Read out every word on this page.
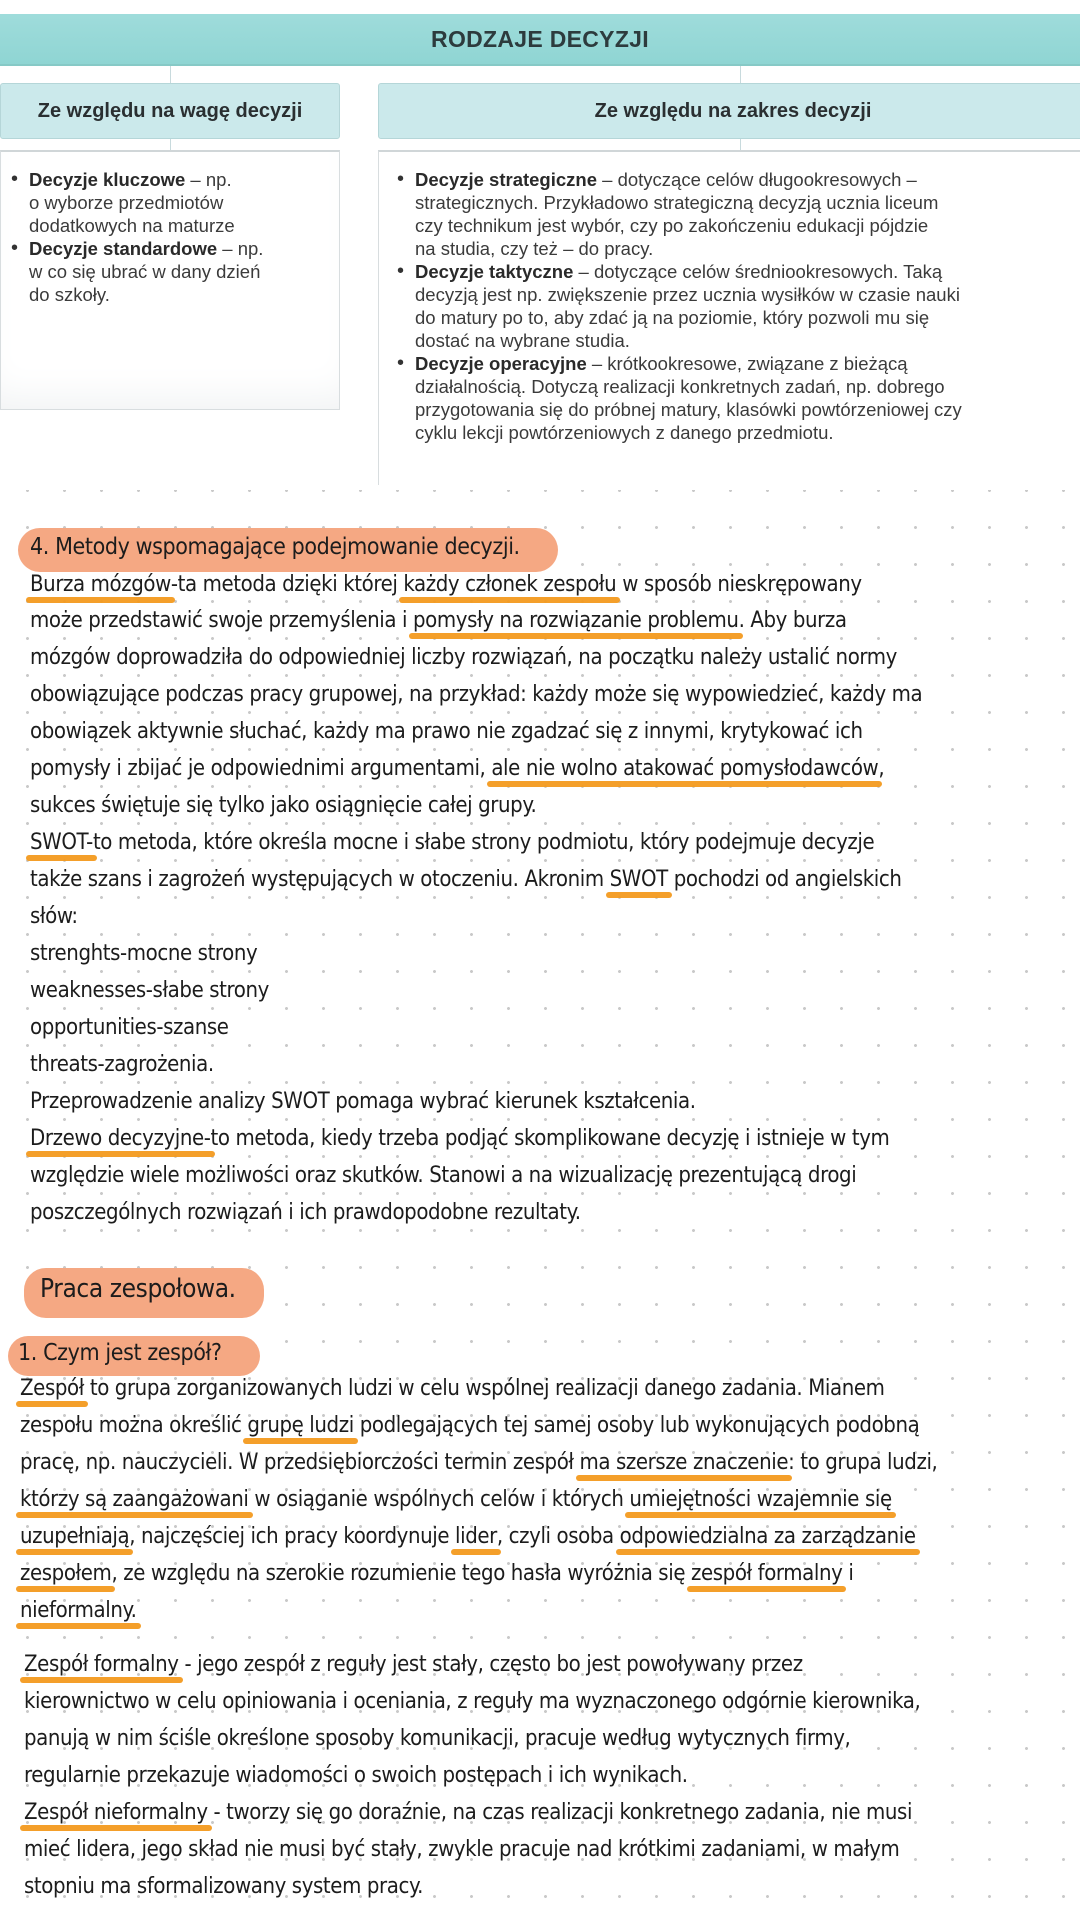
RODZAJE DECYZJI
Ze względu na wagę decyzji	Ze względu na zakres decyzji
• Decyzje kluczowe – np.
o wyborze przedmiotów
dodatkowych na maturze
• Decyzje standardowe – np.
w co się ubrać w dany dzień
do szkoły.
• Decyzje strategiczne – dotyczące celów długookresowych –
strategicznych. Przykładowo strategiczną decyzją ucznia liceum
czy technikum jest wybór, czy po zakończeniu edukacji pójdzie
na studia, czy też – do pracy.
• Decyzje taktyczne – dotyczące celów średniookresowych. Taką
decyzją jest np. zwiększenie przez ucznia wysiłków w czasie nauki
do matury po to, aby zdać ją na poziomie, który pozwoli mu się
dostać na wybrane studia.
• Decyzje operacyjne – krótkookresowe, związane z bieżącą
działalnością. Dotyczą realizacji konkretnych zadań, np. dobrego
przygotowania się do próbnej matury, klasówki powtórzeniowej czy
cyklu lekcji powtórzeniowych z danego przedmiotu.
4. Metody wspomagające podejmowanie decyzji.
Burza mózgów-ta metoda dzięki której każdy członek zespołu w sposób nieskrępowany
może przedstawić swoje przemyślenia i pomysły na rozwiązanie problemu. Aby burza
mózgów doprowadziła do odpowiedniej liczby rozwiązań, na początku należy ustalić normy
obowiązujące podczas pracy grupowej, na przykład: każdy może się wypowiedzieć, każdy ma
obowiązek aktywnie słuchać, każdy ma prawo nie zgadzać się z innymi, krytykować ich
pomysły i zbijać je odpowiednimi argumentami, ale nie wolno atakować pomysłodawców,
sukces świętuje się tylko jako osiągnięcie całej grupy.
SWOT-to metoda, które określa mocne i słabe strony podmiotu, który podejmuje decyzje
także szans i zagrożeń występujących w otoczeniu. Akronim SWOT pochodzi od angielskich
słów:
strenghts-mocne strony
weaknesses-słabe strony
opportunities-szanse
threats-zagrożenia.
Przeprowadzenie analizy SWOT pomaga wybrać kierunek kształcenia.
Drzewo decyzyjne-to metoda, kiedy trzeba podjąć skomplikowane decyzję i istnieje w tym
względzie wiele możliwości oraz skutków. Stanowi a na wizualizację prezentującą drogi
poszczególnych rozwiązań i ich prawdopodobne rezultaty.
Praca zespołowa.
1. Czym jest zespół?
Zespół to grupa zorganizowanych ludzi w celu wspólnej realizacji danego zadania. Mianem
zespołu można określić grupę ludzi podlegających tej samej osoby lub wykonujących podobną
pracę, np. nauczycieli. W przedsiębiorczości termin zespół ma szersze znaczenie: to grupa ludzi,
którzy są zaangażowani w osiąganie wspólnych celów i których umiejętności wzajemnie się
uzupełniają, najczęściej ich pracy koordynuje lider, czyli osoba odpowiedzialna za zarządzanie
zespołem, ze względu na szerokie rozumienie tego hasła wyróżnia się zespół formalny i
nieformalny.
Zespół formalny - jego zespół z reguły jest stały, często bo jest powoływany przez
kierownictwo w celu opiniowania i oceniania, z reguły ma wyznaczonego odgórnie kierownika,
panują w nim ściśle określone sposoby komunikacji, pracuje według wytycznych firmy,
regularnie przekazuje wiadomości o swoich postępach i ich wynikach.
Zespół nieformalny - tworzy się go doraźnie, na czas realizacji konkretnego zadania, nie musi
mieć lidera, jego skład nie musi być stały, zwykle pracuje nad krótkimi zadaniami, w małym
stopniu ma sformalizowany system pracy.
